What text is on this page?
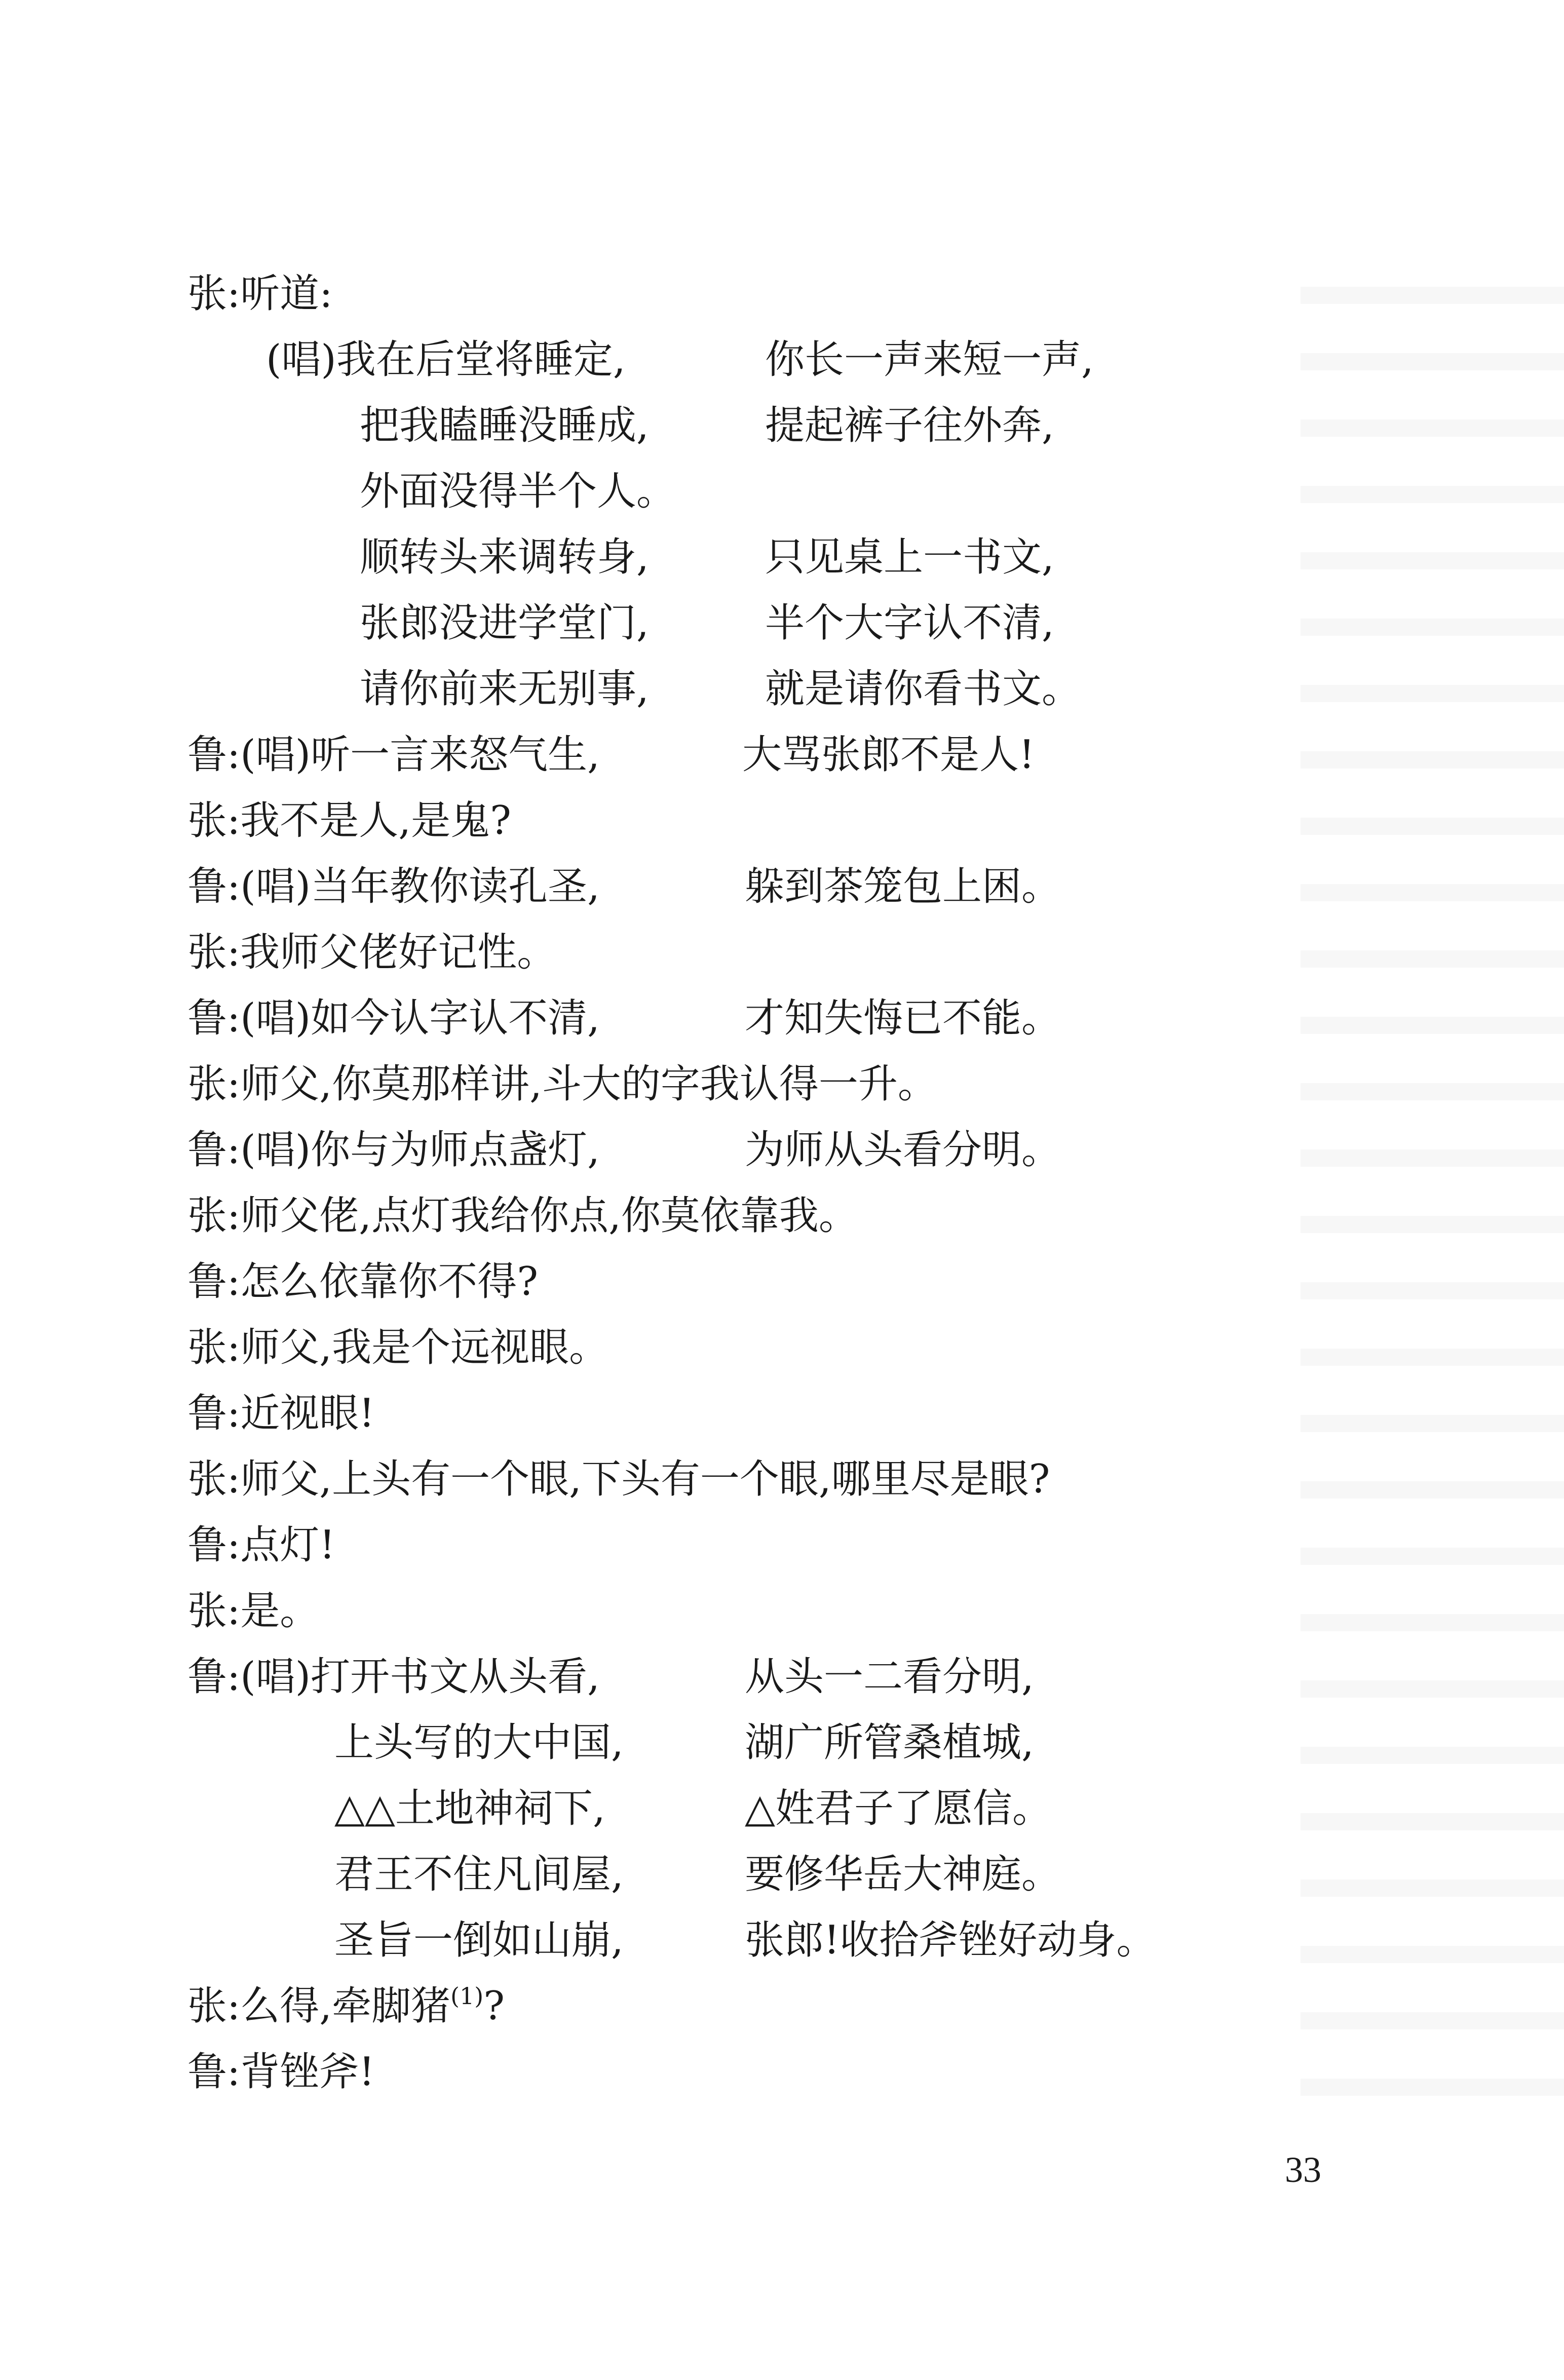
张:听道:
(唱)我在后堂将睡定,	你长一声来短一声,
把我瞌睡没睡成,	提起裤子往外奔,
外面没得半个人。
顺转头来调转身,	只见桌上一书文,
张郎没进学堂门,	半个大字认不清,
请你前来无别事,	就是请你看书文。
鲁:(唱)听一言来怒气生,	大骂张郎不是人!
张:我不是人,是鬼?
鲁:(唱)当年教你读孔圣,	躲到茶笼包上困。
张:我师父佬好记性。
鲁:(唱)如今认字认不清,	才知失悔已不能。
张:师父,你莫那样讲,斗大的字我认得一升。
鲁:(唱)你与为师点盏灯,	为师从头看分明。
张:师父佬,点灯我给你点,你莫依靠我。
鲁:怎么依靠你不得?
张:师父,我是个远视眼。
鲁:近视眼!
张:师父,上头有一个眼,下头有一个眼,哪里尽是眼?
鲁:点灯!
张:是。
鲁:(唱)打开书文从头看,	从头一二看分明,
上头写的大中国,	湖广所管桑植城,
△△土地神祠下,	△姓君子了愿信。
君王不住凡间屋,	要修华岳大神庭。
圣旨一倒如山崩,	张郎!收拾斧锉好动身。
张:么得,牵脚猪$^{(1)}$?
鲁:背锉斧!
33
